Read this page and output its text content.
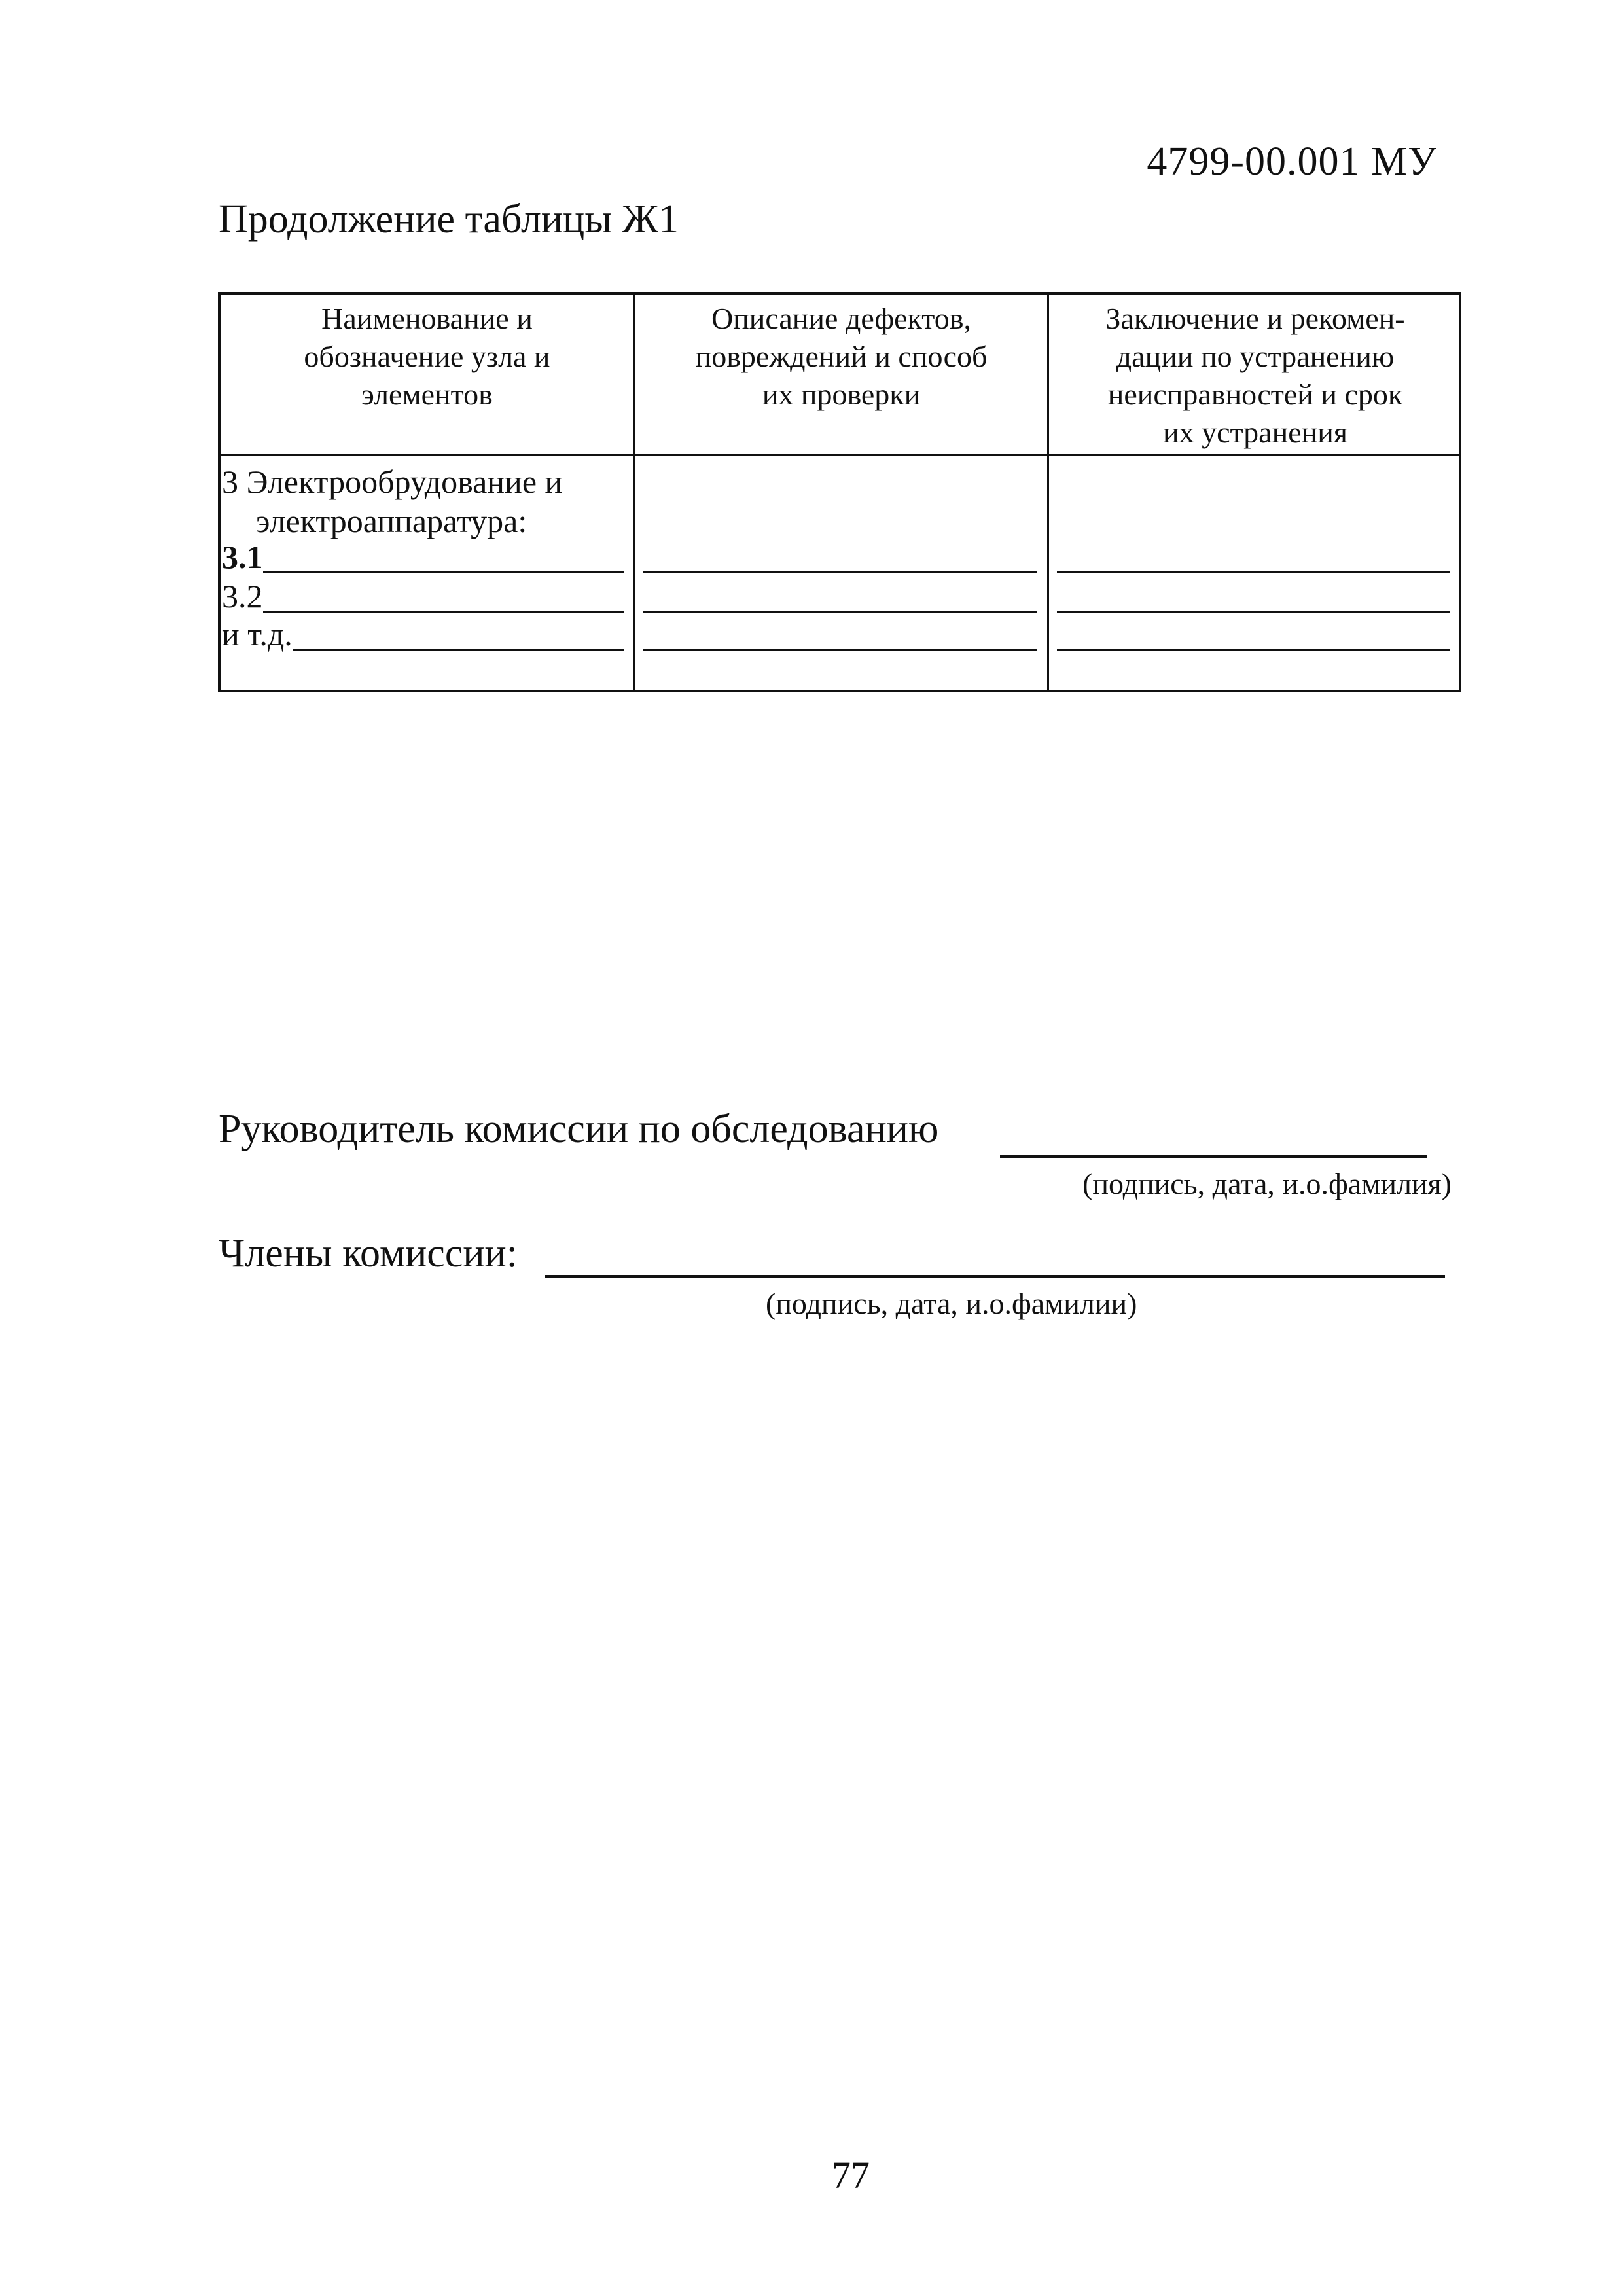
4799-00.001 МУ
Продолжение таблицы Ж1
Наименование и
обозначение узла и
элементов
Описание дефектов,
повреждений и способ
их проверки
Заключение и рекомен-
дации по устранению
неисправностей и срок
их устранения
3 Электрообрудование и
электроаппаратура:
3.1
3.2
и т.д.
Руководитель комиссии по обследованию
(подпись, дата, и.о.фамилия)
Члены комиссии:
(подпись, дата, и.о.фамилии)
77
